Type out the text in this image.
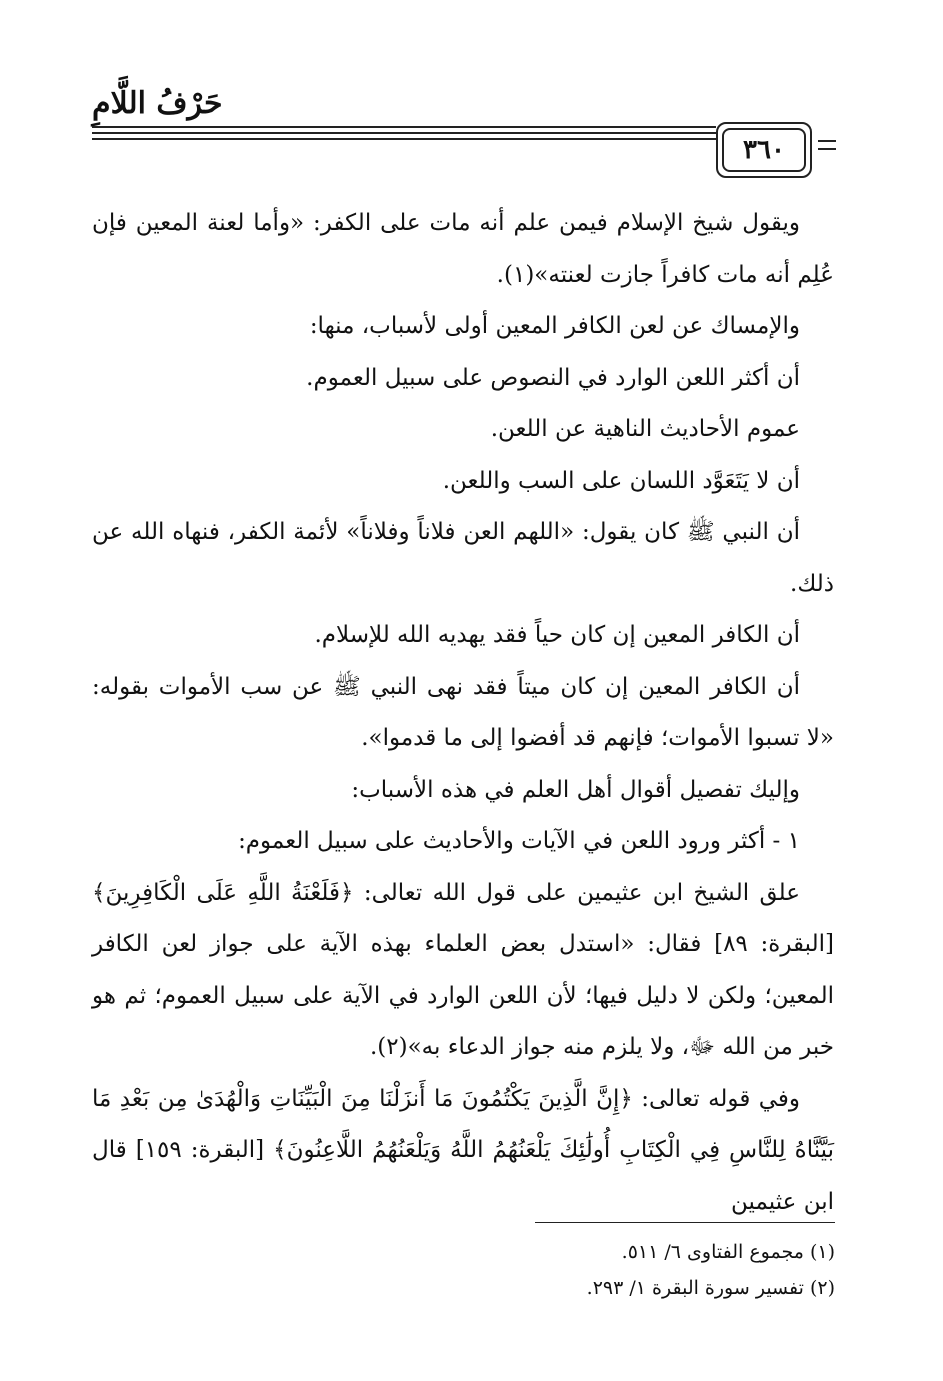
حَرْفُ اللَّامِ
٣٦٠

ويقول شيخ الإسلام فيمن علم أنه مات على الكفر: «وأما لعنة المعين فإن عُلِم أنه مات كافراً جازت لعنته»(١).

والإمساك عن لعن الكافر المعين أولى لأسباب، منها:

أن أكثر اللعن الوارد في النصوص على سبيل العموم.

عموم الأحاديث الناهية عن اللعن.

أن لا يَتَعَوَّد اللسان على السب واللعن.

أن النبي ﷺ كان يقول: «اللهم العن فلاناً وفلاناً» لأئمة الكفر، فنهاه الله عن ذلك.

أن الكافر المعين إن كان حياً فقد يهديه الله للإسلام.

أن الكافر المعين إن كان ميتاً فقد نهى النبي ﷺ عن سب الأموات بقوله: «لا تسبوا الأموات؛ فإنهم قد أفضوا إلى ما قدموا».

وإليك تفصيل أقوال أهل العلم في هذه الأسباب:

١ - أكثر ورود اللعن في الآيات والأحاديث على سبيل العموم:

علق الشيخ ابن عثيمين على قول الله تعالى: ﴿فَلَعْنَةُ اللَّهِ عَلَى الْكَافِرِينَ﴾ [البقرة: ٨٩] فقال: «استدل بعض العلماء بهذه الآية على جواز لعن الكافر المعين؛ ولكن لا دليل فيها؛ لأن اللعن الوارد في الآية على سبيل العموم؛ ثم هو خبر من الله ﷻ، ولا يلزم منه جواز الدعاء به»(٢).

وفي قوله تعالى: ﴿إِنَّ الَّذِينَ يَكْتُمُونَ مَا أَنزَلْنَا مِنَ الْبَيِّنَاتِ وَالْهُدَىٰ مِن بَعْدِ مَا بَيَّنَّاهُ لِلنَّاسِ فِي الْكِتَابِ أُولَٰئِكَ يَلْعَنُهُمُ اللَّهُ وَيَلْعَنُهُمُ اللَّاعِنُونَ﴾ [البقرة: ١٥٩] قال ابن عثيمين

(١) مجموع الفتاوى ٦/ ٥١١.

(٢) تفسير سورة البقرة ١/ ٢٩٣.
